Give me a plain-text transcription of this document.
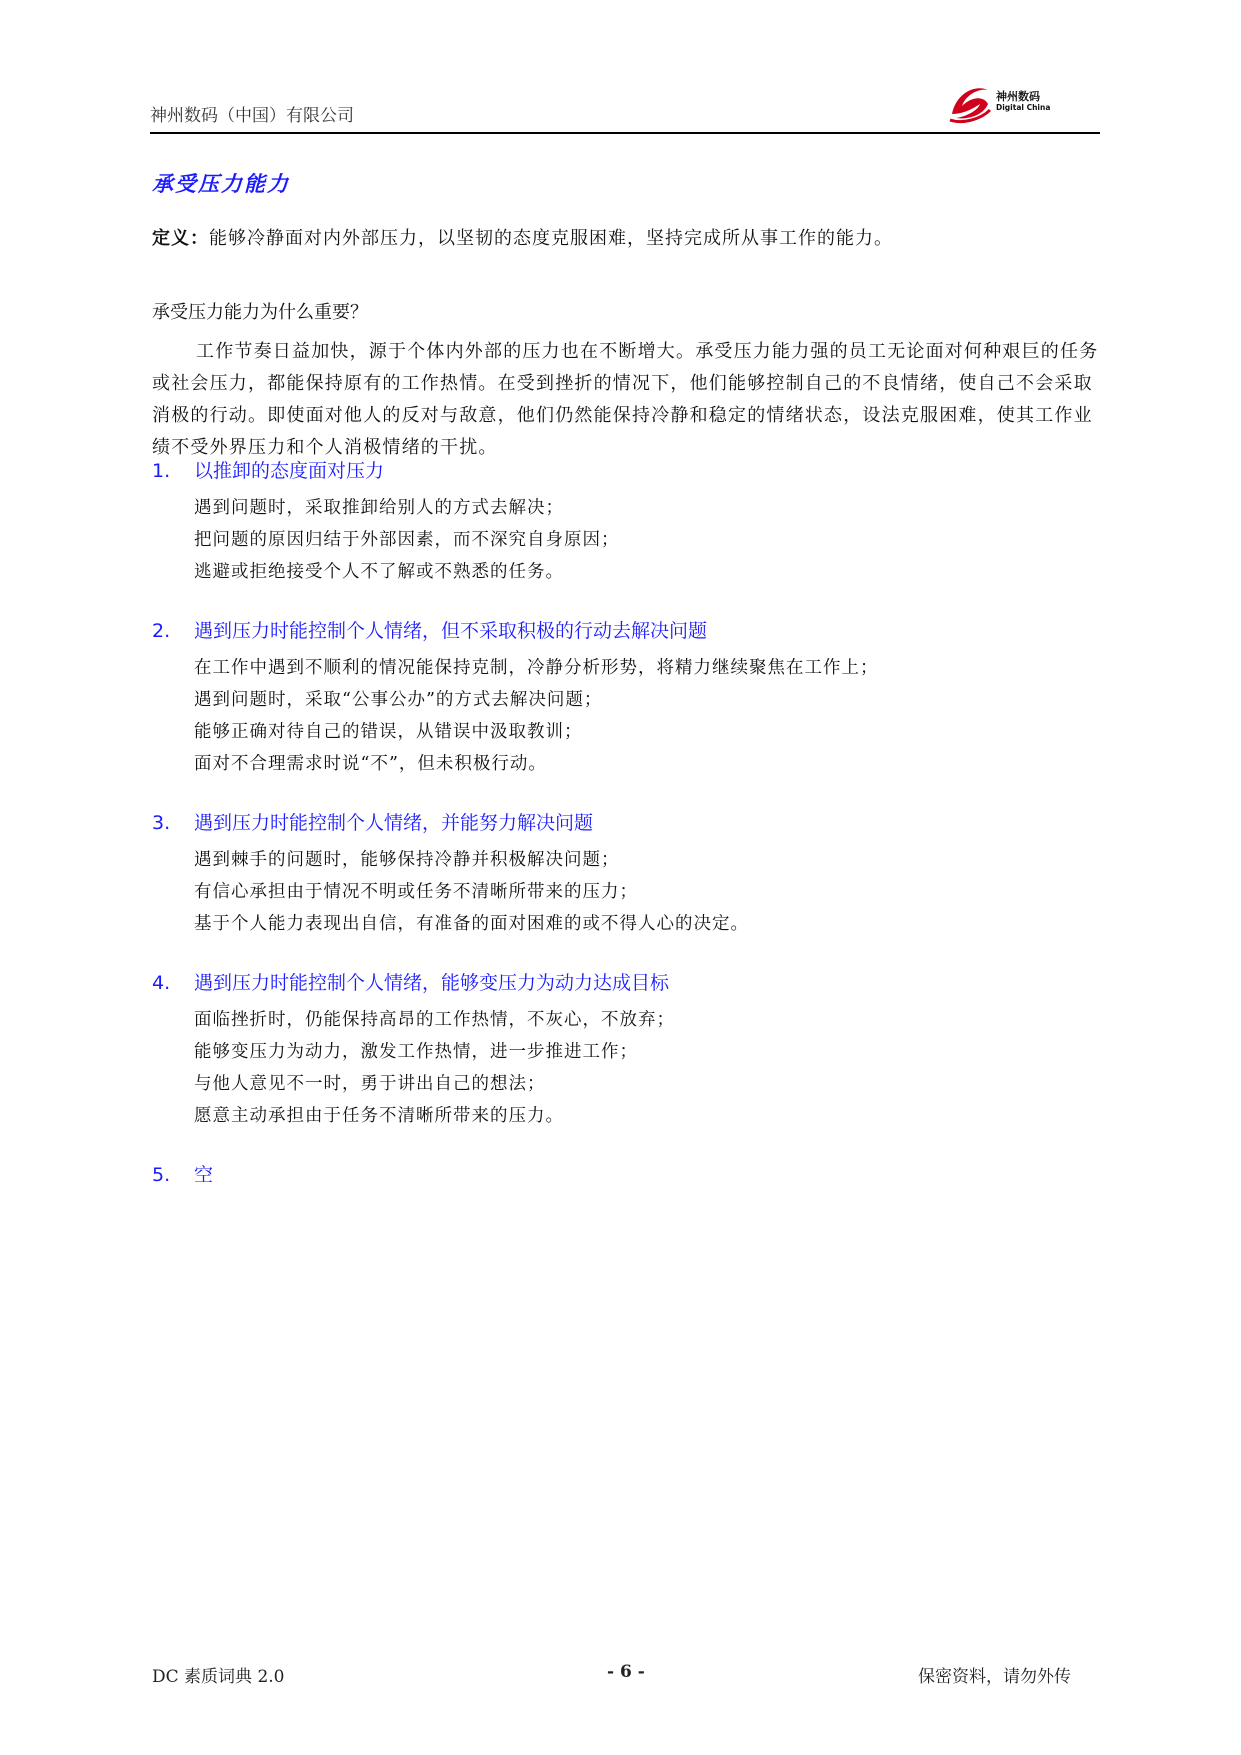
神州数码（中国）有限公司
神州数码
Digital China
承受压力能力
定义：能够冷静面对内外部压力，以坚韧的态度克服困难，坚持完成所从事工作的能力。
承受压力能力为什么重要？

工作节奏日益加快，源于个体内外部的压力也在不断增大。承受压力能力强的员工无论面对何种艰巨的任务或社会压力，都能保持原有的工作热情。在受到挫折的情况下，他们能够控制自己的不良情绪，使自己不会采取消极的行动。即使面对他人的反对与敌意，他们仍然能保持冷静和稳定的情绪状态，设法克服困难，使其工作业绩不受外界压力和个人消极情绪的干扰。

1. 以推卸的态度面对压力
遇到问题时，采取推卸给别人的方式去解决；
把问题的原因归结于外部因素，而不深究自身原因；
逃避或拒绝接受个人不了解或不熟悉的任务。
2. 遇到压力时能控制个人情绪，但不采取积极的行动去解决问题
在工作中遇到不顺利的情况能保持克制，冷静分析形势，将精力继续聚焦在工作上；
遇到问题时，采取“公事公办”的方式去解决问题；
能够正确对待自己的错误，从错误中汲取教训；
面对不合理需求时说“不”，但未积极行动。
3. 遇到压力时能控制个人情绪，并能努力解决问题
遇到棘手的问题时，能够保持冷静并积极解决问题；
有信心承担由于情况不明或任务不清晰所带来的压力；
基于个人能力表现出自信，有准备的面对困难的或不得人心的决定。
4. 遇到压力时能控制个人情绪，能够变压力为动力达成目标
面临挫折时，仍能保持高昂的工作热情，不灰心，不放弃；
能够变压力为动力，激发工作热情，进一步推进工作；
与他人意见不一时，勇于讲出自己的想法；
愿意主动承担由于任务不清晰所带来的压力。
5. 空
DC 素质词典 2.0	- 6 -	保密资料，请勿外传
